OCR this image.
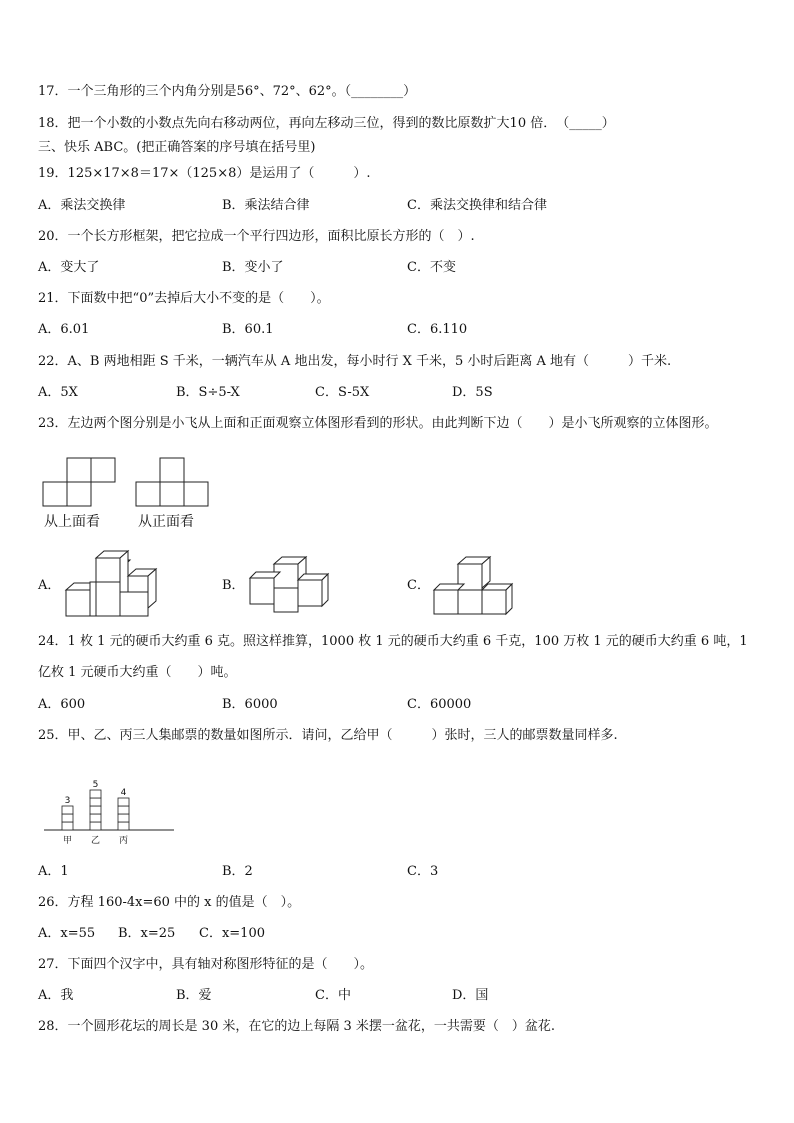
17．一个三角形的三个内角分别是56°、72°、62°。（________）
18．把一个小数的小数点先向右移动两位，再向左移动三位，得到的数比原数扩大10 倍．　（_____）
三、快乐 ABC。(把正确答案的序号填在括号里)
19．125×17×8＝17×（125×8）是运用了（　　　）.
A．乘法交换律	B．乘法结合律	C．乘法交换律和结合律
20．一个长方形框架，把它拉成一个平行四边形，面积比原长方形的（　）.
A．变大了	B．变小了	C．不变
21．下面数中把“0”去掉后大小不变的是（　　）。
A．6.01	B．60.1	C．6.110
22．A、B 两地相距 S 千米，一辆汽车从 A 地出发，每小时行 X 千米，5 小时后距离 A 地有（　　　）千米.
A．5X	B．S÷5-X	C．S-5X	D．5S
23．左边两个图分别是小飞从上面和正面观察立体图形看到的形状。由此判断下边（　　）是小飞所观察的立体图形。
从上面看	从正面看
A．	B．	C．
24．1 枚 1 元的硬币大约重 6 克。照这样推算，1000 枚 1 元的硬币大约重 6 千克，100 万枚 1 元的硬币大约重 6 吨，1
亿枚 1 元硬币大约重（　　）吨。
A．600	B．6000	C．60000
25．甲、乙、丙三人集邮票的数量如图所示．请问，乙给甲（　　　）张时，三人的邮票数量同样多.
3
甲
5
乙
4
丙
A．1	B．2	C．3
26．方程 160-4x=60 中的 x 的值是（　）。
A．x=55 B．x=25 C．x=100
27．下面四个汉字中，具有轴对称图形特征的是（　　）。
A．我	B．爱	C．中	D．国
28．一个圆形花坛的周长是 30 米，在它的边上每隔 3 米摆一盆花，一共需要（　）盆花.
